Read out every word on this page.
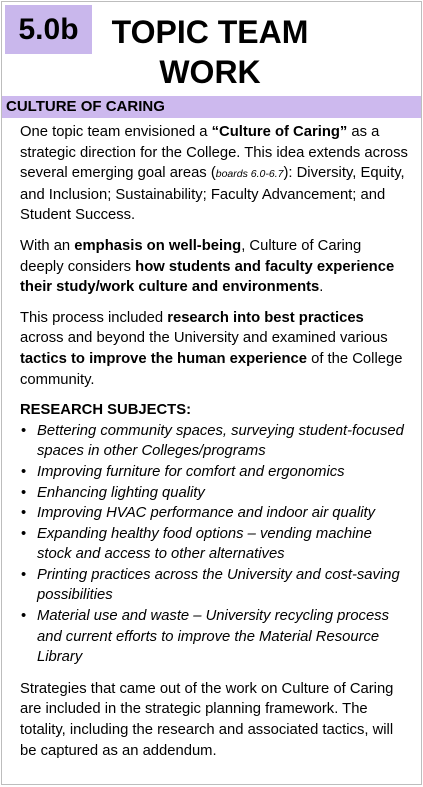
5.0b	TOPIC TEAM
WORK
CULTURE OF CARING

One topic team envisioned a “Culture of Caring” as a strategic direction for the College. This idea extends across several emerging goal areas (boards 6.0-6.7): Diversity, Equity, and Inclusion; Sustainability; Faculty Advancement; and Student Success.

With an emphasis on well-being, Culture of Caring deeply considers how students and faculty experience their study/work culture and environments.

This process included research into best practices across and beyond the University and examined various tactics to improve the human experience of the College community.

RESEARCH SUBJECTS:
• Bettering community spaces, surveying student-focused spaces in other Colleges/programs
• Improving furniture for comfort and ergonomics
• Enhancing lighting quality
• Improving HVAC performance and indoor air quality
• Expanding healthy food options – vending machine stock and access to other alternatives
• Printing practices across the University and cost-saving possibilities
• Material use and waste – University recycling process and current efforts to improve the Material Resource Library

Strategies that came out of the work on Culture of Caring are included in the strategic planning framework. The totality, including the research and associated tactics, will be captured as an addendum.
